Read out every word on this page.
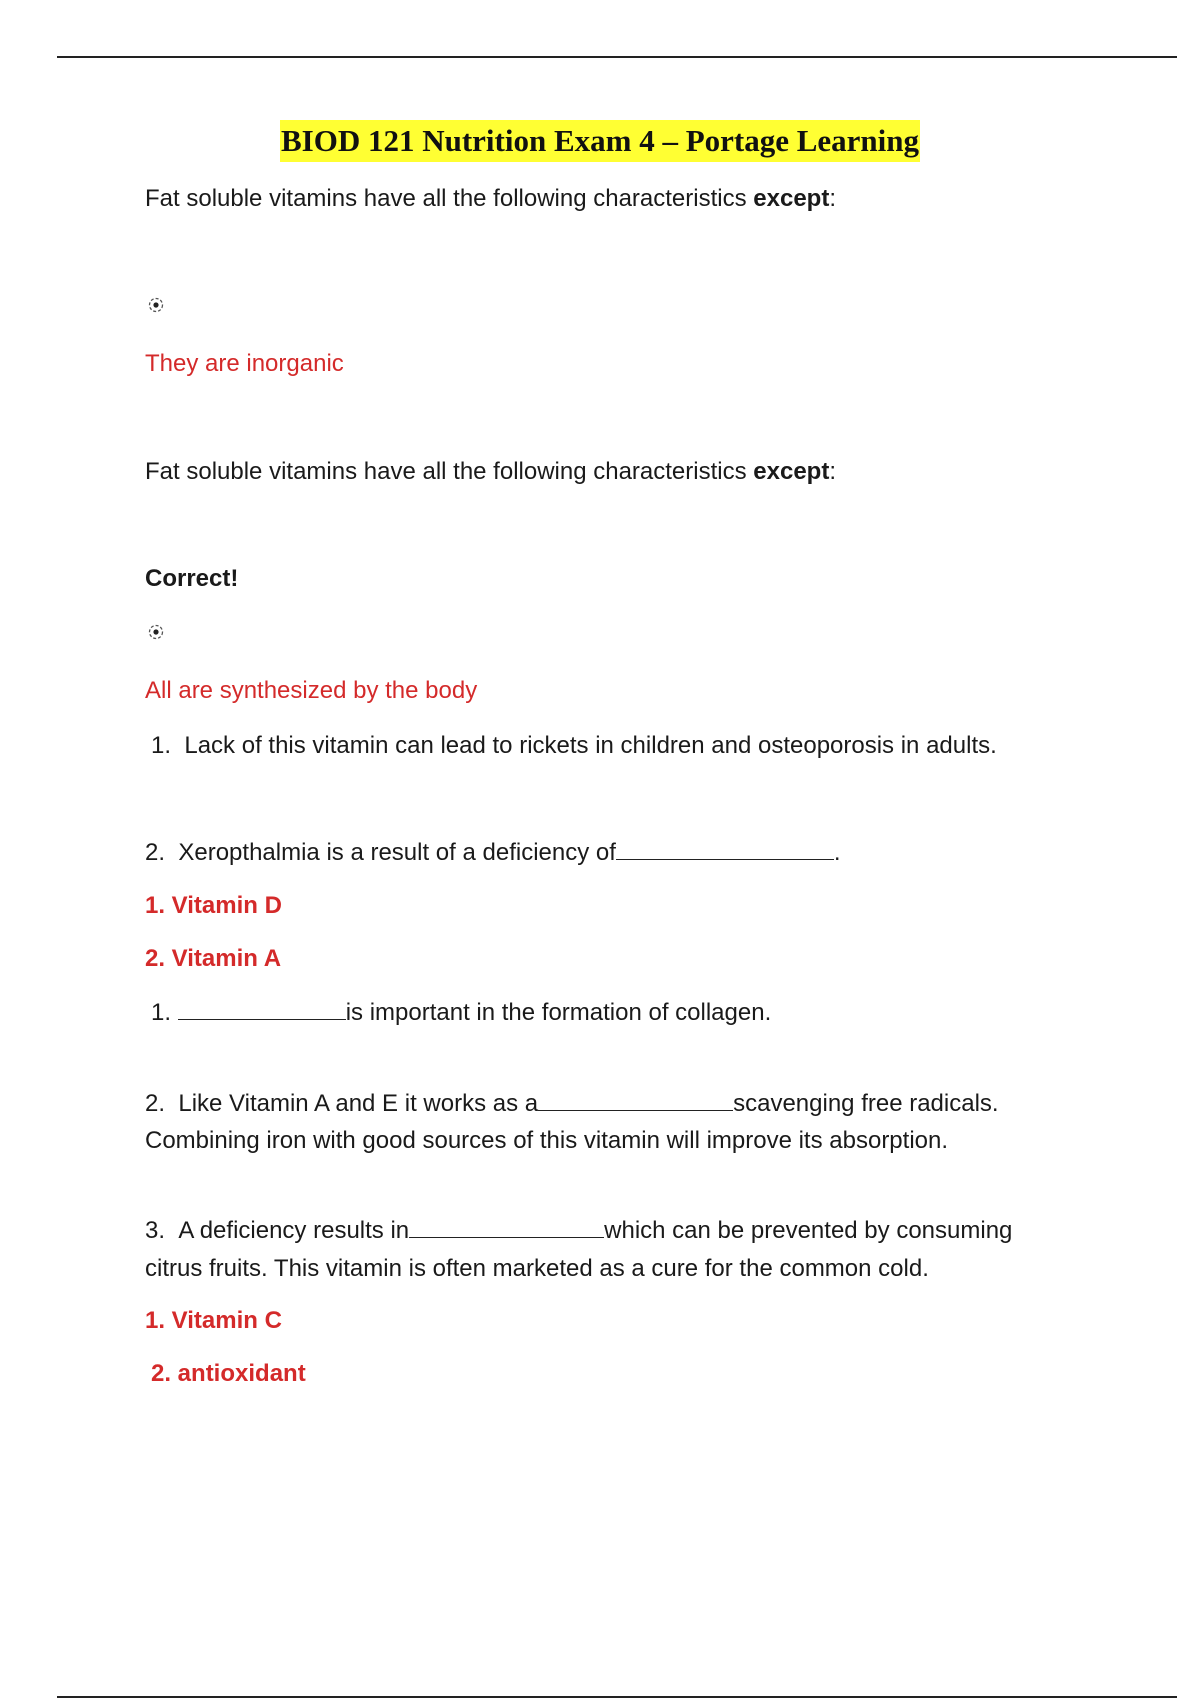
BIOD 121 Nutrition Exam 4 – Portage Learning
Fat soluble vitamins have all the following characteristics except:
They are inorganic
Fat soluble vitamins have all the following characteristics except:
Correct!
All are synthesized by the body
1. Lack of this vitamin can lead to rickets in children and osteoporosis in adults.
2. Xeropthalmia is a result of a deficiency of	.
1. Vitamin D
2. Vitamin A
1.	is important in the formation of collagen.
2. Like Vitamin A and E it works as a	scavenging free radicals.
Combining iron with good sources of this vitamin will improve its absorption.
3. A deficiency results in	which can be prevented by consuming
citrus fruits. This vitamin is often marketed as a cure for the common cold.
1. Vitamin C
2. antioxidant
